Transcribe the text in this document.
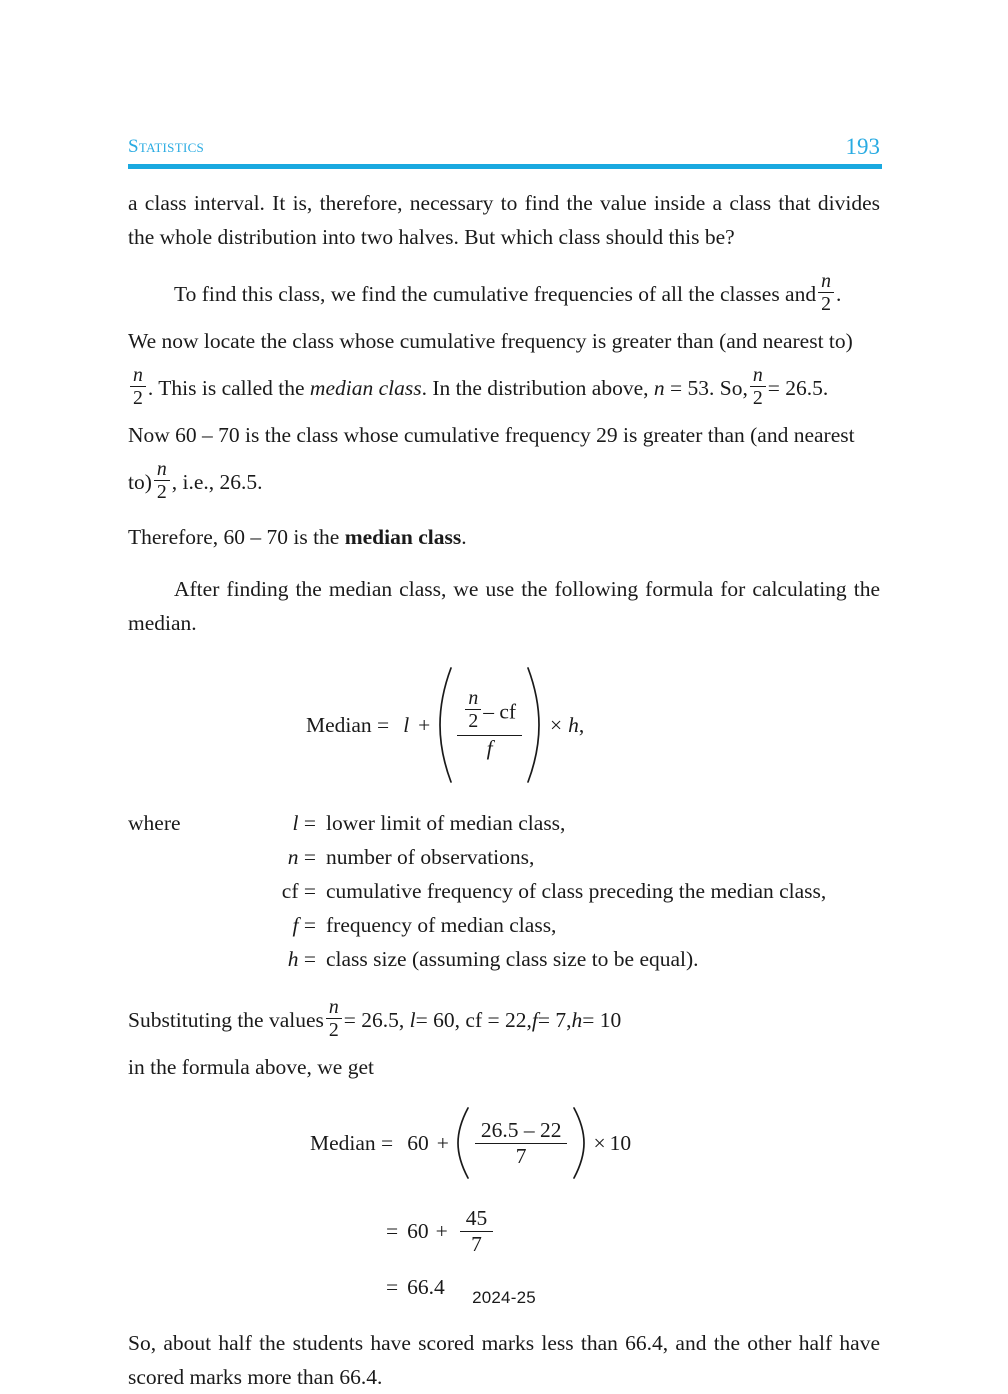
Statistics	193

a class interval. It is, therefore, necessary to find the value inside a class that divides the whole distribution into two halves. But which class should this be?

To find this class, we find the cumulative frequencies of all the classes and $\frac{n}{2}$ .

We now locate the class whose cumulative frequency is greater than (and nearest to)

$\frac{n}{2}$ . This is called the median class. In the distribution above, n = 53. So, $\frac{n}{2} = 26.5$.

Now 60 – 70 is the class whose cumulative frequency 29 is greater than (and nearest

$to) \frac{n}{2}$ , i.e., 26.5.

Therefore, 60 – 70 is the median class.

After finding the median class, we use the following formula for calculating the median.

Median = $l + \frac{n}{2}$ – cf
f
× h ,
where	l = lower limit of median class,
n = number of observations,
cf = cumulative frequency of class preceding the median class,
f = frequency of median class,
h = class size (assuming class size to be equal).

Substituting the values $\frac{n}{2} = 26.5$, l= 60, cf = 22,f= 7,h= 10

in the formula above, we get

Median = 60 +
26.5 – 22
7
× 10
= 60 +
45
7
= 66.4

So, about half the students have scored marks less than 66.4, and the other half have scored marks more than 66.4.

2024-25
